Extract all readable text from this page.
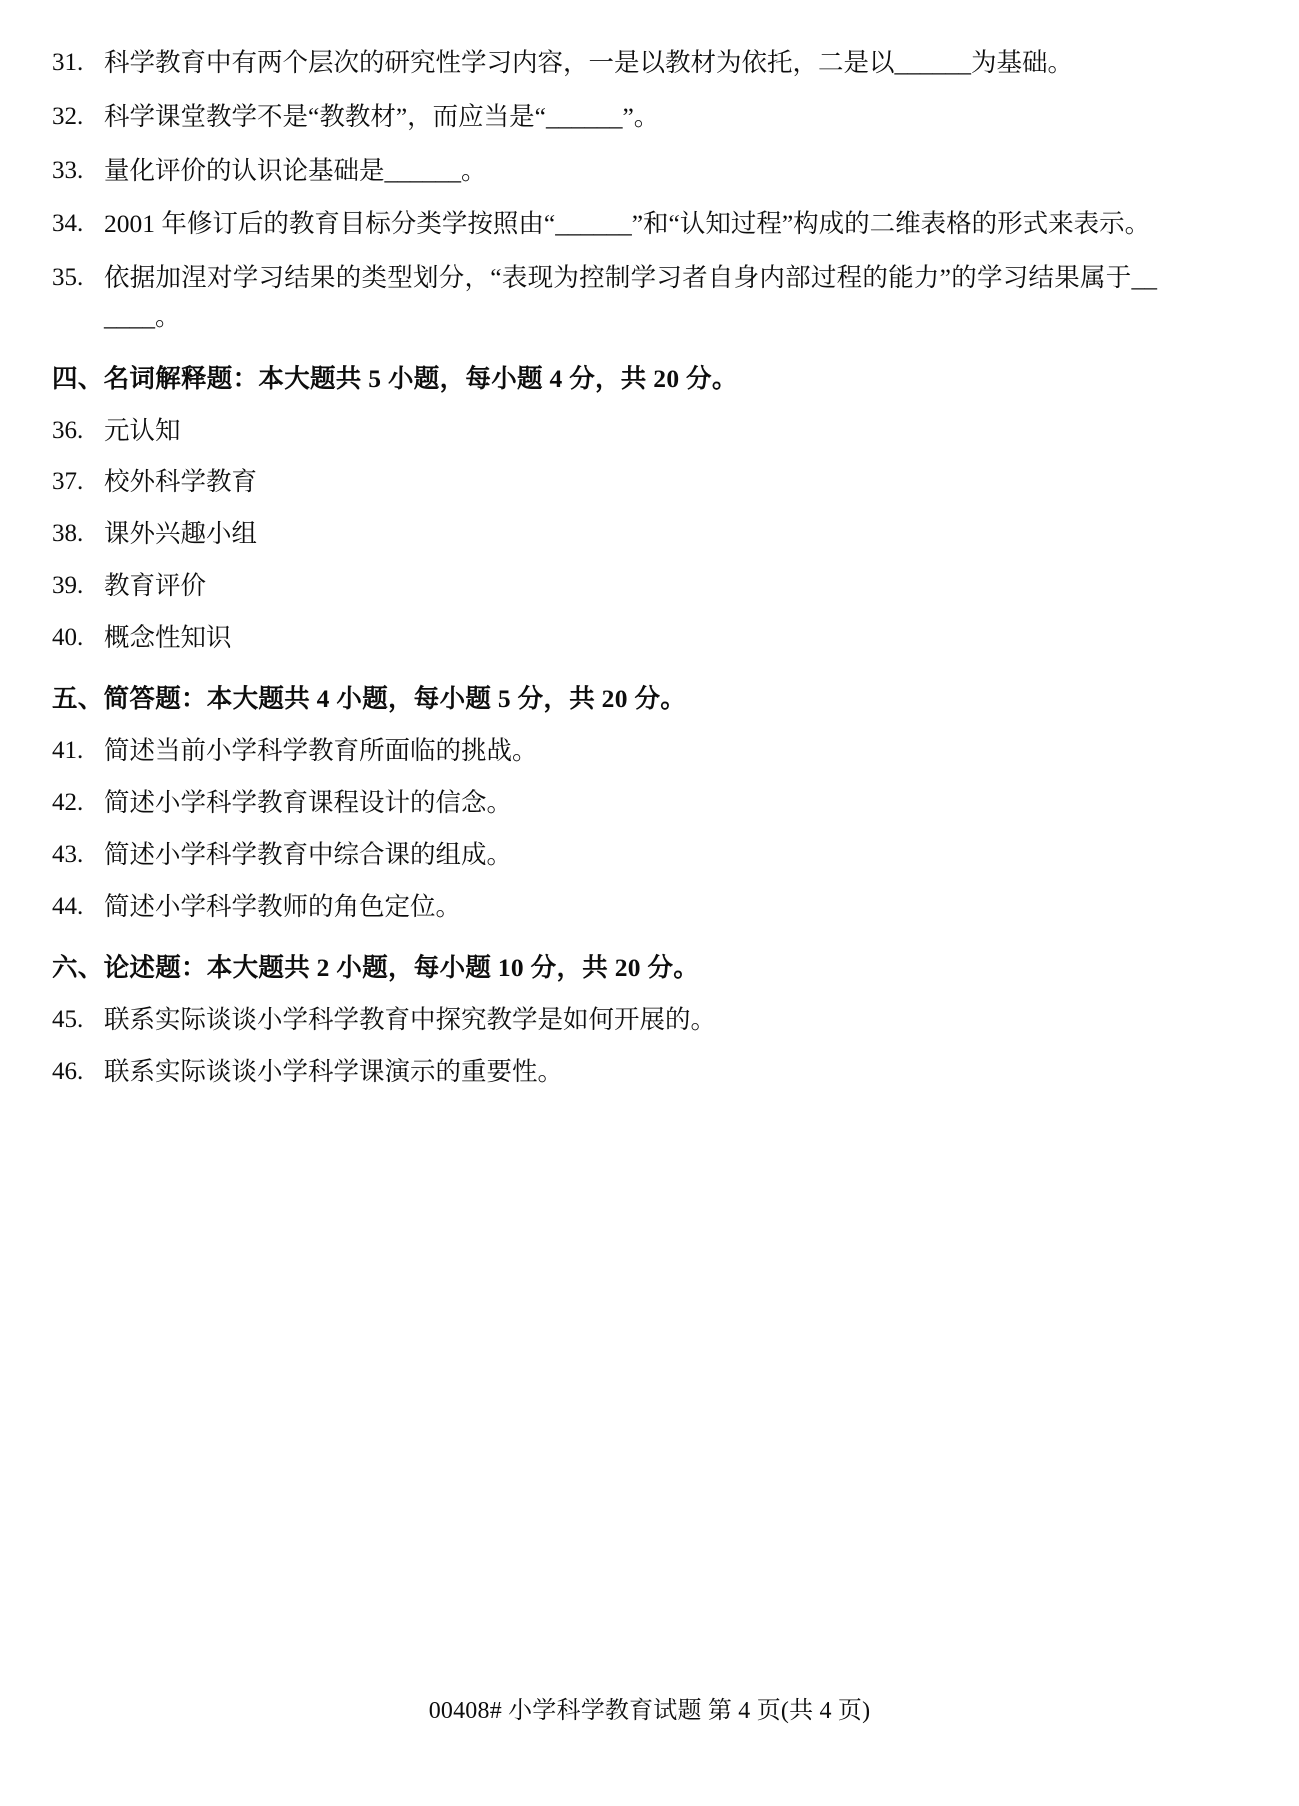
31. 科学教育中有两个层次的研究性学习内容，一是以教材为依托，二是以______为基础。
32. 科学课堂教学不是“教教材”，而应当是“______”。
33. 量化评价的认识论基础是______。
34. 2001 年修订后的教育目标分类学按照由“______”和“认知过程”构成的二维表格的形式来表示。
35. 依据加涅对学习结果的类型划分，“表现为控制学习者自身内部过程的能力”的学习结果属于______。
四、名词解释题：本大题共 5 小题，每小题 4 分，共 20 分。
36. 元认知
37. 校外科学教育
38. 课外兴趣小组
39. 教育评价
40. 概念性知识
五、简答题：本大题共 4 小题，每小题 5 分，共 20 分。
41. 简述当前小学科学教育所面临的挑战。
42. 简述小学科学教育课程设计的信念。
43. 简述小学科学教育中综合课的组成。
44. 简述小学科学教师的角色定位。
六、论述题：本大题共 2 小题，每小题 10 分，共 20 分。
45. 联系实际谈谈小学科学教育中探究教学是如何开展的。
46. 联系实际谈谈小学科学课演示的重要性。
00408# 小学科学教育试题 第 4 页(共 4 页)
